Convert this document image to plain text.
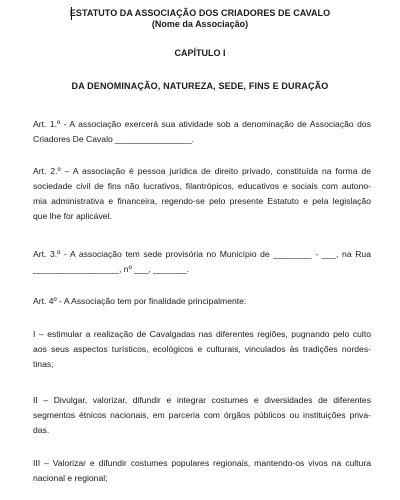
ESTATUTO DA ASSOCIAÇÃO DOS CRIADORES DE CAVALO
(Nome da Associação)
CAPÍTULO I
DA DENOMINAÇÃO, NATUREZA, SEDE, FINS E DURAÇÃO
Art. 1.º - A associação exercerá sua atividade sob a denominação de Associação dos
Criadores De Cavalo ________________.
Art. 2.º – A associação é pessoa jurídica de direito privado, constituída na forma de
sociedade civil de fins não lucrativos, filantrópicos, educativos e sociais com autono-
mia administrativa e financeira, regendo-se pelo presente Estatuto e pela legislação
que lhe for aplicável.
Art. 3.º - A associação tem sede provisória no Município de ________ - ___, na Rua
__________________, nº ___, _______.
Art. 4º - A Associação tem por finalidade principalmente:
I – estimular a realização de Cavalgadas nas diferentes regiões, pugnando pelo culto
aos seus aspectos turísticos, ecológicos e culturais, vinculados às tradições nordes-
tinas;
II – Divulgar, valorizar, difundir e integrar costumes e diversidades de diferentes
segmentos étnicos nacionais, em parceria com órgãos públicos ou instituições priva-
das.
III – Valorizar e difundir costumes populares regionais, mantendo-os vivos na cultura
nacional e regional;
